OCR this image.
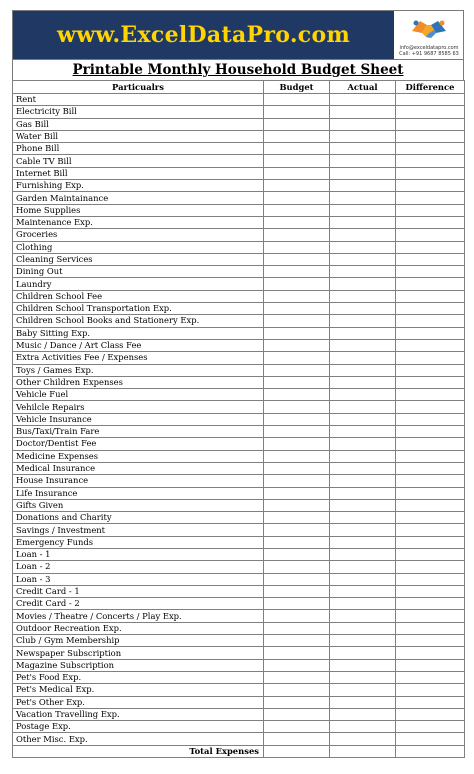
www.ExcelDataPro.com	info@exceldatapro.com
Call: +91 9687 8585 63
Printable Monthly Household Budget Sheet
Particualrs	Budget	Actual	Difference
Rent			
Electricity Bill			
Gas Bill			
Water Bill			
Phone Bill			
Cable TV Bill			
Internet Bill			
Furnishing Exp.			
Garden Maintainance			
Home Supplies			
Maintenance Exp.			
Groceries			
Clothing			
Cleaning Services			
Dining Out			
Laundry			
Children School Fee			
Children School Transportation Exp.			
Children School Books and Stationery Exp.			
Baby Sitting Exp.			
Music / Dance / Art Class Fee			
Extra Activities Fee / Expenses			
Toys / Games Exp.			
Other Children Expenses			
Vehicle Fuel			
Vehilcle Repairs			
Vehicle Insurance			
Bus/Taxi/Train Fare			
Doctor/Dentist Fee			
Medicine Expenses			
Medical Insurance			
House Insurance			
Life Insurance			
Gifts Given			
Donations and Charity			
Savings / Investment			
Emergency Funds			
Loan - 1			
Loan - 2			
Loan - 3			
Credit Card - 1			
Credit Card - 2			
Movies / Theatre / Concerts / Play Exp.			
Outdoor Recreation Exp.			
Club / Gym Membership			
Newspaper Subscription			
Magazine Subscription			
Pet's Food Exp.			
Pet's Medical Exp.			
Pet's Other Exp.			
Vacation Travelling Exp.			
Postage Exp.			
Other Misc. Exp.			
Total Expenses			
